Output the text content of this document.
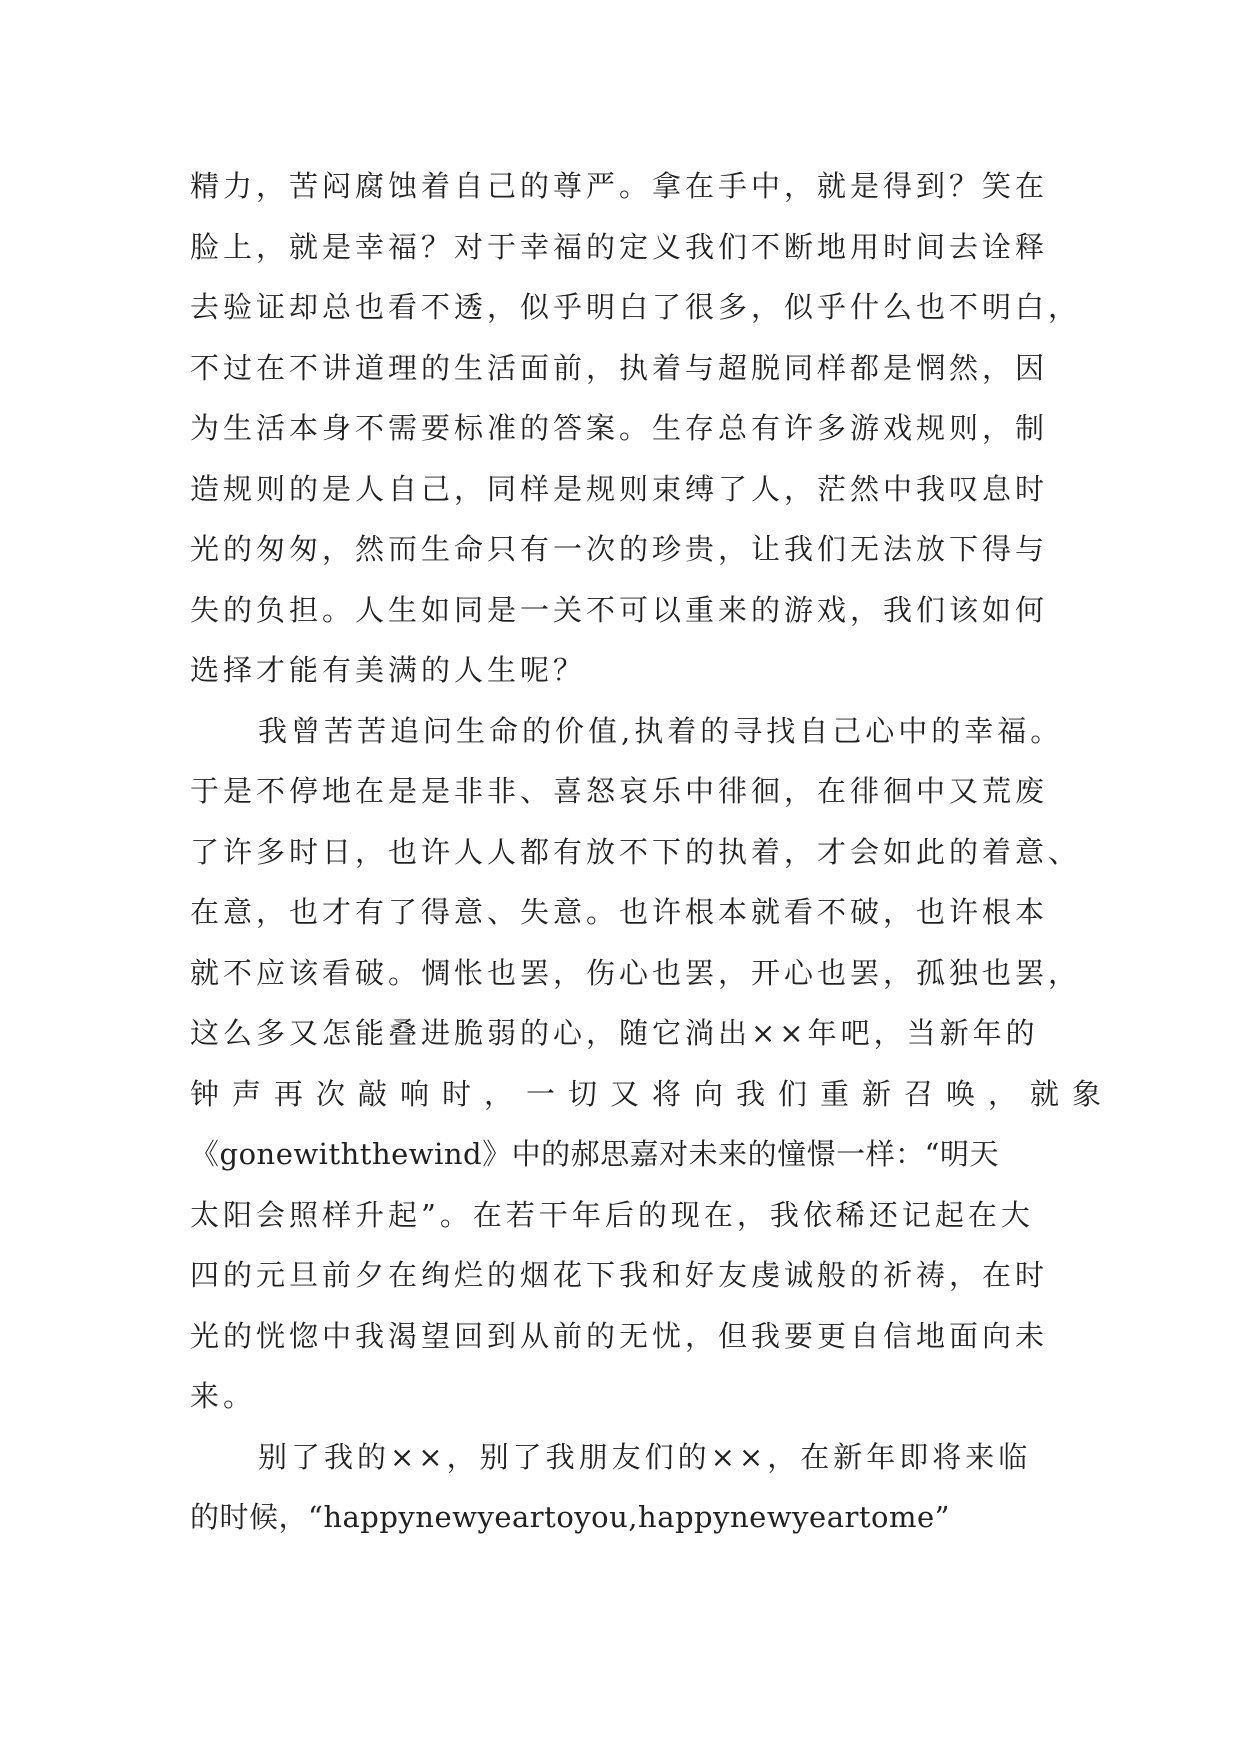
精力，苦闷腐蚀着自己的尊严。拿在手中，就是得到？笑在
脸上，就是幸福？对于幸福的定义我们不断地用时间去诠释
去验证却总也看不透，似乎明白了很多，似乎什么也不明白，
不过在不讲道理的生活面前，执着与超脱同样都是惘然，因
为生活本身不需要标准的答案。生存总有许多游戏规则，制
造规则的是人自己，同样是规则束缚了人，茫然中我叹息时
光的匆匆，然而生命只有一次的珍贵，让我们无法放下得与
失的负担。人生如同是一关不可以重来的游戏，我们该如何
选择才能有美满的人生呢？
我曾苦苦追问生命的价值,执着的寻找自己心中的幸福。
于是不停地在是是非非、喜怒哀乐中徘徊，在徘徊中又荒废
了许多时日，也许人人都有放不下的执着，才会如此的着意、
在意，也才有了得意、失意。也许根本就看不破，也许根本
就不应该看破。惆怅也罢，伤心也罢，开心也罢，孤独也罢，
这么多又怎能叠进脆弱的心，随它淌出××年吧，当新年的
钟声再次敲响时，一切又将向我们重新召唤，就象
《gonewiththewind》中的郝思嘉对未来的憧憬一样：“明天
太阳会照样升起”。在若干年后的现在，我依稀还记起在大
四的元旦前夕在绚烂的烟花下我和好友虔诚般的祈祷，在时
光的恍惚中我渴望回到从前的无忧，但我要更自信地面向未
来。
别了我的××，别了我朋友们的××，在新年即将来临
的时候，“happynewyeartoyou,happynewyeartome”
